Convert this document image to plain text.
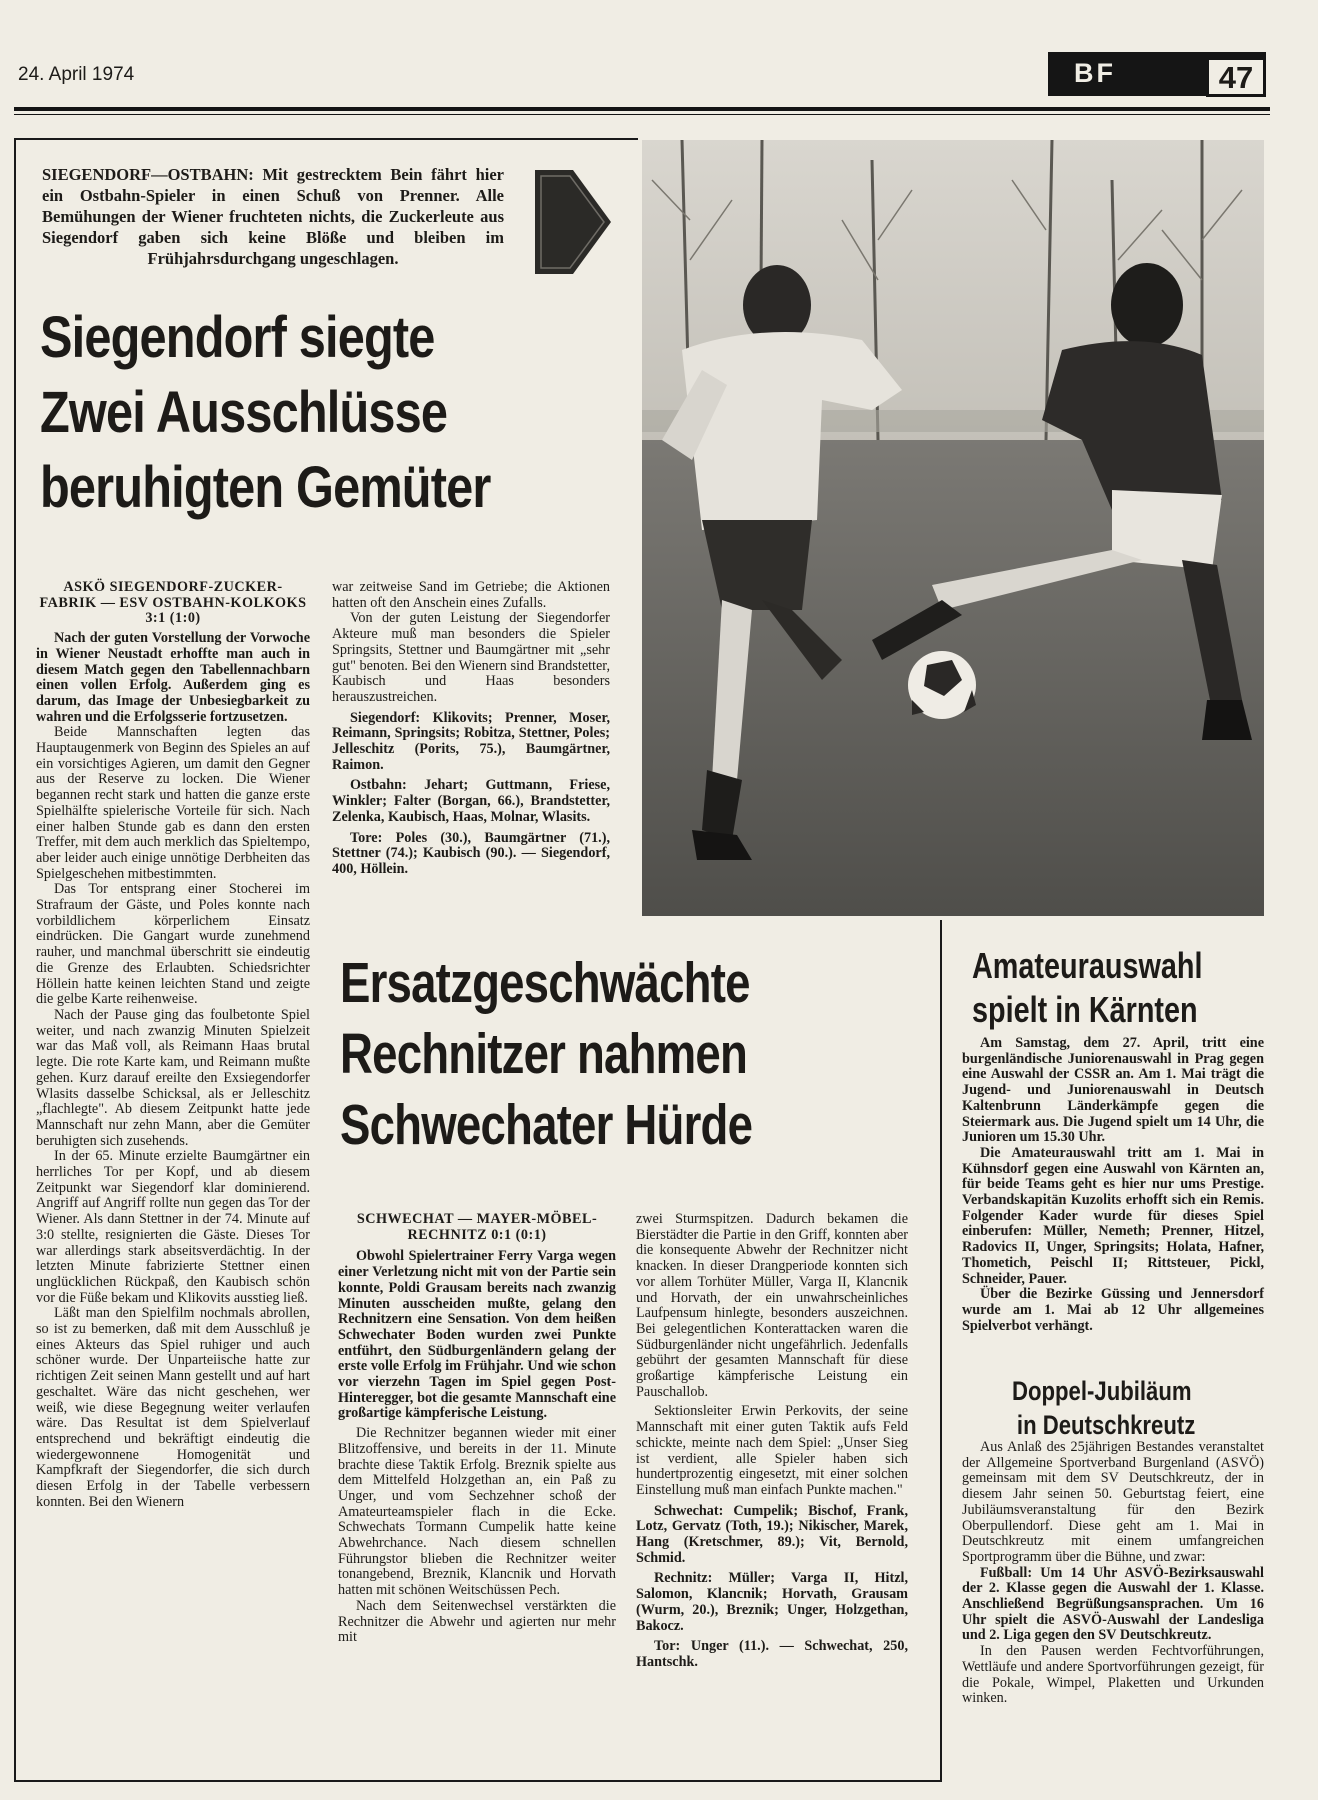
24. April 1974	BF	47
SIEGENDORF—OSTBAHN: Mit gestrecktem Bein fährt hier ein Ostbahn-Spieler in einen Schuß von Prenner. Alle Bemühungen der Wiener fruchteten nichts, die Zuckerleute aus Siegendorf gaben sich keine Blöße und bleiben im Frühjahrsdurchgang ungeschlagen.
Siegendorf siegte
Zwei Ausschlüsse
beruhigten Gemüter

ASKÖ SIEGENDORF-ZUCKER-FABRIK — ESV OSTBAHN-KOLKOKS 3:1 (1:0)

Nach der guten Vorstellung der Vorwoche in Wiener Neustadt erhoffte man auch in diesem Match gegen den Tabellennachbarn einen vollen Erfolg. Außerdem ging es darum, das Image der Unbesiegbarkeit zu wahren und die Erfolgsserie fortzusetzen.

Beide Mannschaften legten das Hauptaugenmerk von Beginn des Spieles an auf ein vorsichtiges Agieren, um damit den Gegner aus der Reserve zu locken. Die Wiener begannen recht stark und hatten die ganze erste Spielhälfte spielerische Vorteile für sich. Nach einer halben Stunde gab es dann den ersten Treffer, mit dem auch merklich das Spieltempo, aber leider auch einige unnötige Derbheiten das Spielgeschehen mitbestimmten.

Das Tor entsprang einer Stocherei im Strafraum der Gäste, und Poles konnte nach vorbildlichem körperlichem Einsatz eindrücken. Die Gangart wurde zunehmend rauher, und manchmal überschritt sie eindeutig die Grenze des Erlaubten. Schiedsrichter Höllein hatte keinen leichten Stand und zeigte die gelbe Karte reihenweise.

Nach der Pause ging das foulbetonte Spiel weiter, und nach zwanzig Minuten Spielzeit war das Maß voll, als Reimann Haas brutal legte. Die rote Karte kam, und Reimann mußte gehen. Kurz darauf ereilte den Exsiegendorfer Wlasits dasselbe Schicksal, als er Jelleschitz „flachlegte". Ab diesem Zeitpunkt hatte jede Mannschaft nur zehn Mann, aber die Gemüter beruhigten sich zusehends.

In der 65. Minute erzielte Baumgärtner ein herrliches Tor per Kopf, und ab diesem Zeitpunkt war Siegendorf klar dominierend. Angriff auf Angriff rollte nun gegen das Tor der Wiener. Als dann Stettner in der 74. Minute auf 3:0 stellte, resignierten die Gäste. Dieses Tor war allerdings stark abseitsverdächtig. In der letzten Minute fabrizierte Stettner einen unglücklichen Rückpaß, den Kaubisch schön vor die Füße bekam und Klikovits ausstieg ließ.

Läßt man den Spielfilm nochmals abrollen, so ist zu bemerken, daß mit dem Ausschluß je eines Akteurs das Spiel ruhiger und auch schöner wurde. Der Unparteiische hatte zur richtigen Zeit seinen Mann gestellt und auf hart geschaltet. Wäre das nicht geschehen, wer weiß, wie diese Begegnung weiter verlaufen wäre. Das Resultat ist dem Spielverlauf entsprechend und bekräftigt eindeutig die wiedergewonnene Homogenität und Kampfkraft der Siegendorfer, die sich durch diesen Erfolg in der Tabelle verbessern konnten. Bei den Wienern

war zeitweise Sand im Getriebe; die Aktionen hatten oft den Anschein eines Zufalls.

Von der guten Leistung der Siegendorfer Akteure muß man besonders die Spieler Springsits, Stettner und Baumgärtner mit „sehr gut" benoten. Bei den Wienern sind Brandstetter, Kaubisch und Haas besonders herauszustreichen.

Siegendorf: Klikovits; Prenner, Moser, Reimann, Springsits; Robitza, Stettner, Poles; Jelleschitz (Porits, 75.), Baumgärtner, Raimon.

Ostbahn: Jehart; Guttmann, Friese, Winkler; Falter (Borgan, 66.), Brandstetter, Zelenka, Kaubisch, Haas, Molnar, Wlasits.

Tore: Poles (30.), Baumgärtner (71.), Stettner (74.); Kaubisch (90.). — Siegendorf, 400, Höllein.

Ersatzgeschwächte
Rechnitzer nahmen
Schwechater Hürde

SCHWECHAT — MAYER-MÖBEL-RECHNITZ 0:1 (0:1)

Obwohl Spielertrainer Ferry Varga wegen einer Verletzung nicht mit von der Partie sein konnte, Poldi Grausam bereits nach zwanzig Minuten ausscheiden mußte, gelang den Rechnitzern eine Sensation. Von dem heißen Schwechater Boden wurden zwei Punkte entführt, den Südburgenländern gelang der erste volle Erfolg im Frühjahr. Und wie schon vor vierzehn Tagen im Spiel gegen Post-Hinteregger, bot die gesamte Mannschaft eine großartige kämpferische Leistung.

Die Rechnitzer begannen wieder mit einer Blitzoffensive, und bereits in der 11. Minute brachte diese Taktik Erfolg. Breznik spielte aus dem Mittelfeld Holzgethan an, ein Paß zu Unger, und vom Sechzehner schoß der Amateurteamspieler flach in die Ecke. Schwechats Tormann Cumpelik hatte keine Abwehrchance. Nach diesem schnellen Führungstor blieben die Rechnitzer weiter tonangebend, Breznik, Klancnik und Horvath hatten mit schönen Weitschüssen Pech.

Nach dem Seitenwechsel verstärkten die Rechnitzer die Abwehr und agierten nur mehr mit

zwei Sturmspitzen. Dadurch bekamen die Bierstädter die Partie in den Griff, konnten aber die konsequente Abwehr der Rechnitzer nicht knacken. In dieser Drangperiode konnten sich vor allem Torhüter Müller, Varga II, Klancnik und Horvath, der ein unwahrscheinliches Laufpensum hinlegte, besonders auszeichnen. Bei gelegentlichen Konterattacken waren die Südburgenländer nicht ungefährlich. Jedenfalls gebührt der gesamten Mannschaft für diese großartige kämpferische Leistung ein Pauschallob.

Sektionsleiter Erwin Perkovits, der seine Mannschaft mit einer guten Taktik aufs Feld schickte, meinte nach dem Spiel: „Unser Sieg ist verdient, alle Spieler haben sich hundertprozentig eingesetzt, mit einer solchen Einstellung muß man einfach Punkte machen."

Schwechat: Cumpelik; Bischof, Frank, Lotz, Gervatz (Toth, 19.); Nikischer, Marek, Hang (Kretschmer, 89.); Vit, Bernold, Schmid.

Rechnitz: Müller; Varga II, Hitzl, Salomon, Klancnik; Horvath, Grausam (Wurm, 20.), Breznik; Unger, Holzgethan, Bakocz.

Tor: Unger (11.). — Schwechat, 250, Hantschk.

Amateurauswahl
spielt in Kärnten

Am Samstag, dem 27. April, tritt eine burgenländische Juniorenauswahl in Prag gegen eine Auswahl der CSSR an. Am 1. Mai trägt die Jugend- und Juniorenauswahl in Deutsch Kaltenbrunn Länderkämpfe gegen die Steiermark aus. Die Jugend spielt um 14 Uhr, die Junioren um 15.30 Uhr.

Die Amateurauswahl tritt am 1. Mai in Kühnsdorf gegen eine Auswahl von Kärnten an, für beide Teams geht es hier nur ums Prestige. Verbandskapitän Kuzolits erhofft sich ein Remis. Folgender Kader wurde für dieses Spiel einberufen: Müller, Nemeth; Prenner, Hitzel, Radovics II, Unger, Springsits; Holata, Hafner, Thometich, Peischl II; Rittsteuer, Pickl, Schneider, Pauer.

Über die Bezirke Güssing und Jennersdorf wurde am 1. Mai ab 12 Uhr allgemeines Spielverbot verhängt.

Doppel-Jubiläum
in Deutschkreutz

Aus Anlaß des 25jährigen Bestandes veranstaltet der Allgemeine Sportverband Burgenland (ASVÖ) gemeinsam mit dem SV Deutschkreutz, der in diesem Jahr seinen 50. Geburtstag feiert, eine Jubiläumsveranstaltung für den Bezirk Oberpullendorf. Diese geht am 1. Mai in Deutschkreutz mit einem umfangreichen Sportprogramm über die Bühne, und zwar:

Fußball: Um 14 Uhr ASVÖ-Bezirksauswahl der 2. Klasse gegen die Auswahl der 1. Klasse. Anschließend Begrüßungsansprachen. Um 16 Uhr spielt die ASVÖ-Auswahl der Landesliga und 2. Liga gegen den SV Deutschkreutz.

In den Pausen werden Fechtvorführungen, Wettläufe und andere Sportvorführungen gezeigt, für die Pokale, Wimpel, Plaketten und Urkunden winken.
